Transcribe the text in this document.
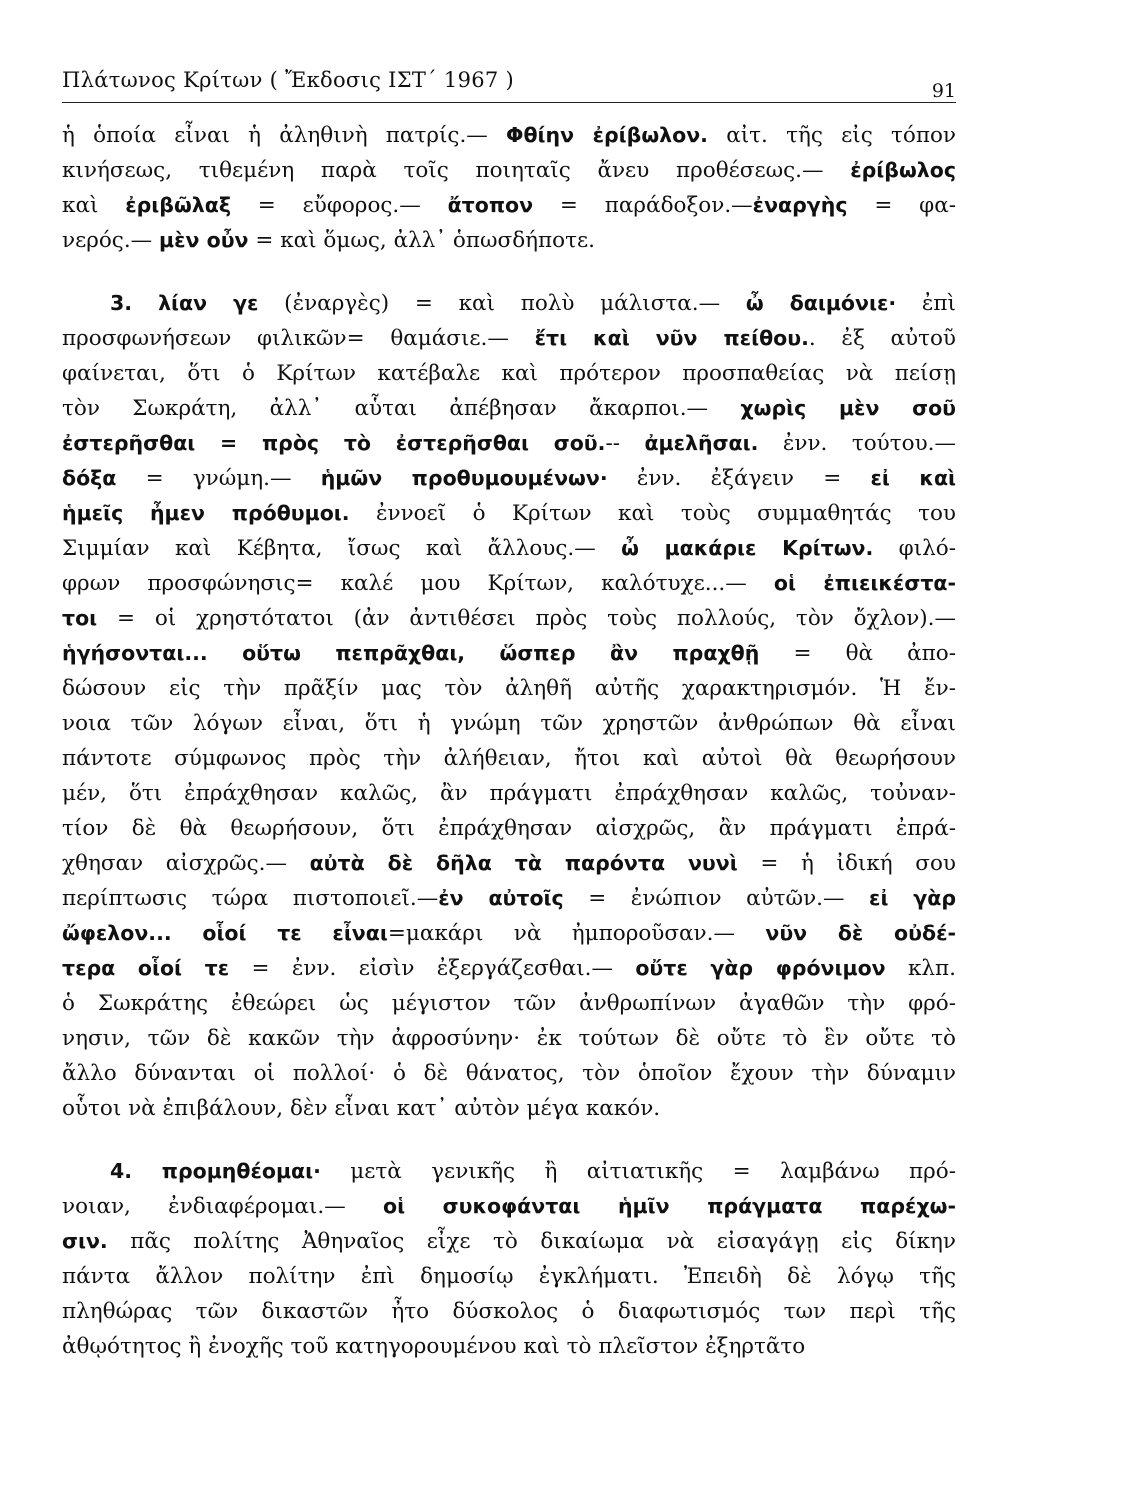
Πλάτωνος Κρίτων ( Ἔκδοσις ΙΣΤ΄ 1967 )	91
ἡ ὁποία εἶναι ἡ ἀληθινὴ πατρίς.— Φθίην ἐρίβωλον. αἰτ. τῆς εἰς τόπον
κινήσεως, τιθεμένη παρὰ τοῖς ποιηταῖς ἄνευ προθέσεως.— ἐρίβωλος
καὶ ἐριβῶλαξ = εὔφορος.— ἄτοπον = παράδοξον.—ἐναργὴς = φα-
νερός.— μὲν οὖν = καὶ ὅμως, ἀλλ᾽ ὁπωσδήποτε.
3. λίαν γε (ἐναργὲς) = καὶ πολὺ μάλιστα.— ὦ δαιμόνιε· ἐπὶ
προσφωνήσεων φιλικῶν= θαμάσιε.— ἔτι καὶ νῦν πείθου.. ἐξ αὐτοῦ
φαίνεται, ὅτι ὁ Κρίτων κατέβαλε καὶ πρότερον προσπαθείας νὰ πείσῃ
τὸν Σωκράτη, ἀλλ᾽ αὗται ἀπέβησαν ἄκαρποι.— χωρὶς μὲν σοῦ
ἐστερῆσθαι = πρὸς τὸ ἐστερῆσθαι σοῦ.-- ἀμελῆσαι. ἐνν. τούτου.—
δόξα = γνώμη.— ἡμῶν προθυμουμένων· ἐνν. ἐξάγειν = εἰ καὶ
ἡμεῖς ἦμεν πρόθυμοι. ἐννοεῖ ὁ Κρίτων καὶ τοὺς συμμαθητάς του
Σιμμίαν καὶ Κέβητα, ἴσως καὶ ἄλλους.— ὦ μακάριε Κρίτων. φιλό-
φρων προσφώνησις= καλέ μου Κρίτων, καλότυχε...— οἱ ἐπιεικέστα-
τοι = οἱ χρηστότατοι (ἀν ἀντιθέσει πρὸς τοὺς πολλούς, τὸν ὄχλον).—
ἡγήσονται... οὕτω πεπρᾶχθαι, ὥσπερ ἂν πραχθῇ = θὰ ἀπο-
δώσουν εἰς τὴν πρᾶξίν μας τὸν ἀληθῆ αὐτῆς χαρακτηρισμόν. Ἡ ἔν-
νοια τῶν λόγων εἶναι, ὅτι ἡ γνώμη τῶν χρηστῶν ἀνθρώπων θὰ εἶναι
πάντοτε σύμφωνος πρὸς τὴν ἀλήθειαν, ἤτοι καὶ αὐτοὶ θὰ θεωρήσουν
μέν, ὅτι ἐπράχθησαν καλῶς, ἂν πράγματι ἐπράχθησαν καλῶς, τοὐναν-
τίον δὲ θὰ θεωρήσουν, ὅτι ἐπράχθησαν αἰσχρῶς, ἂν πράγματι ἐπρά-
χθησαν αἰσχρῶς.— αὐτὰ δὲ δῆλα τὰ παρόντα νυνὶ = ἡ ἰδική σου
περίπτωσις τώρα πιστοποιεῖ.—ἐν αὐτοῖς = ἐνώπιον αὐτῶν.— εἰ γὰρ
ὤφελον... οἷοί τε εἶναι=μακάρι νὰ ἠμποροῦσαν.— νῦν δὲ οὐδέ-
τερα οἷοί τε = ἐνν. εἰσὶν ἐξεργάζεσθαι.— οὔτε γὰρ φρόνιμον κλπ.
ὁ Σωκράτης ἐθεώρει ὡς μέγιστον τῶν ἀνθρωπίνων ἀγαθῶν τὴν φρό-
νησιν, τῶν δὲ κακῶν τὴν ἀφροσύνην· ἐκ τούτων δὲ οὔτε τὸ ἓν οὔτε τὸ
ἄλλο δύνανται οἱ πολλοί· ὁ δὲ θάνατος, τὸν ὁποῖον ἔχουν τὴν δύναμιν
οὗτοι νὰ ἐπιβάλουν, δὲν εἶναι κατ᾽ αὐτὸν μέγα κακόν.
4. προμηθέομαι· μετὰ γενικῆς ἢ αἰτιατικῆς = λαμβάνω πρό-
νοιαν, ἐνδιαφέρομαι.— οἱ συκοφάνται ἡμῖν πράγματα παρέχω-
σιν. πᾶς πολίτης Ἀθηναῖος εἶχε τὸ δικαίωμα νὰ εἰσαγάγῃ εἰς δίκην
πάντα ἄλλον πολίτην ἐπὶ δημοσίῳ ἐγκλήματι. Ἐπειδὴ δὲ λόγῳ τῆς
πληθώρας τῶν δικαστῶν ἦτο δύσκολος ὁ διαφωτισμός των περὶ τῆς
ἀθῳότητος ἢ ἐνοχῆς τοῦ κατηγορουμένου καὶ τὸ πλεῖστον ἐξηρτᾶτο
